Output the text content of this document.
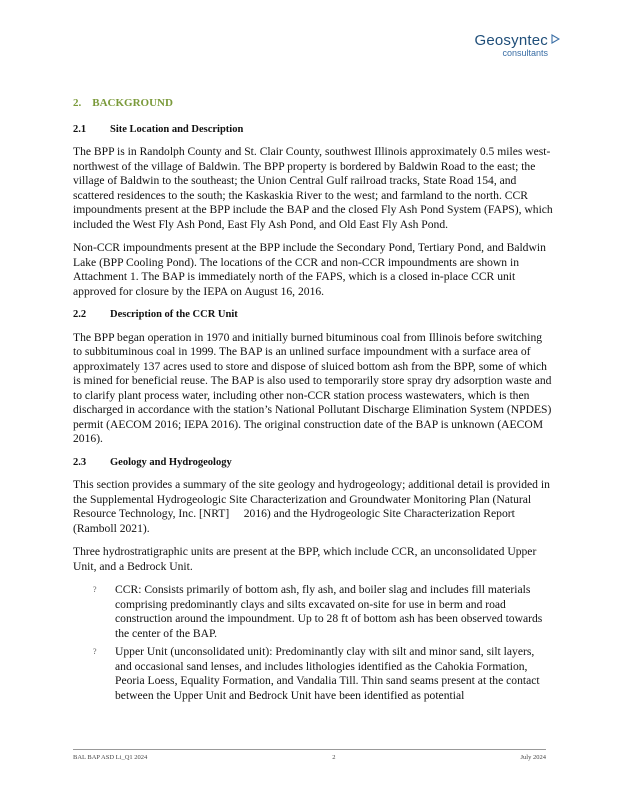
Geosyntec
consultants
2. BACKGROUND
2.1	Site Location and Description

The BPP is in Randolph County and St. Clair County, southwest Illinois approximately 0.5 miles west-northwest of the village of Baldwin. The BPP property is bordered by Baldwin Road to the east; the village of Baldwin to the southeast; the Union Central Gulf railroad tracks, State Road 154, and scattered residences to the south; the Kaskaskia River to the west; and farmland to the north. CCR impoundments present at the BPP include the BAP and the closed Fly Ash Pond System (FAPS), which included the West Fly Ash Pond, East Fly Ash Pond, and Old East Fly Ash Pond.

Non-CCR impoundments present at the BPP include the Secondary Pond, Tertiary Pond, and Baldwin Lake (BPP Cooling Pond). The locations of the CCR and non-CCR impoundments are shown in Attachment 1. The BAP is immediately north of the FAPS, which is a closed in-place CCR unit approved for closure by the IEPA on August 16, 2016.

2.2	Description of the CCR Unit

The BPP began operation in 1970 and initially burned bituminous coal from Illinois before switching to subbituminous coal in 1999. The BAP is an unlined surface impoundment with a surface area of approximately 137 acres used to store and dispose of sluiced bottom ash from the BPP, some of which is mined for beneficial reuse. The BAP is also used to temporarily store spray dry adsorption waste and to clarify plant process water, including other non-CCR station process wastewaters, which is then discharged in accordance with the station’s National Pollutant Discharge Elimination System (NPDES) permit (AECOM 2016; IEPA 2016). The original construction date of the BAP is unknown (AECOM 2016).

2.3	Geology and Hydrogeology

This section provides a summary of the site geology and hydrogeology; additional detail is provided in the Supplemental Hydrogeologic Site Characterization and Groundwater Monitoring Plan (Natural Resource Technology, Inc. [NRT]  2016) and the Hydrogeologic Site Characterization Report (Ramboll 2021).

Three hydrostratigraphic units are present at the BPP, which include CCR, an unconsolidated Upper Unit, and a Bedrock Unit.

? CCR: Consists primarily of bottom ash, fly ash, and boiler slag and includes fill materials comprising predominantly clays and silts excavated on-site for use in berm and road construction around the impoundment. Up to 28 ft of bottom ash has been observed towards the center of the BAP.
? Upper Unit (unconsolidated unit): Predominantly clay with silt and minor sand, silt layers, and occasional sand lenses, and includes lithologies identified as the Cahokia Formation, Peoria Loess, Equality Formation, and Vandalia Till. Thin sand seams present at the contact between the Upper Unit and Bedrock Unit have been identified as potential
BAL BAP ASD Li_Q1 2024	2	July 2024
